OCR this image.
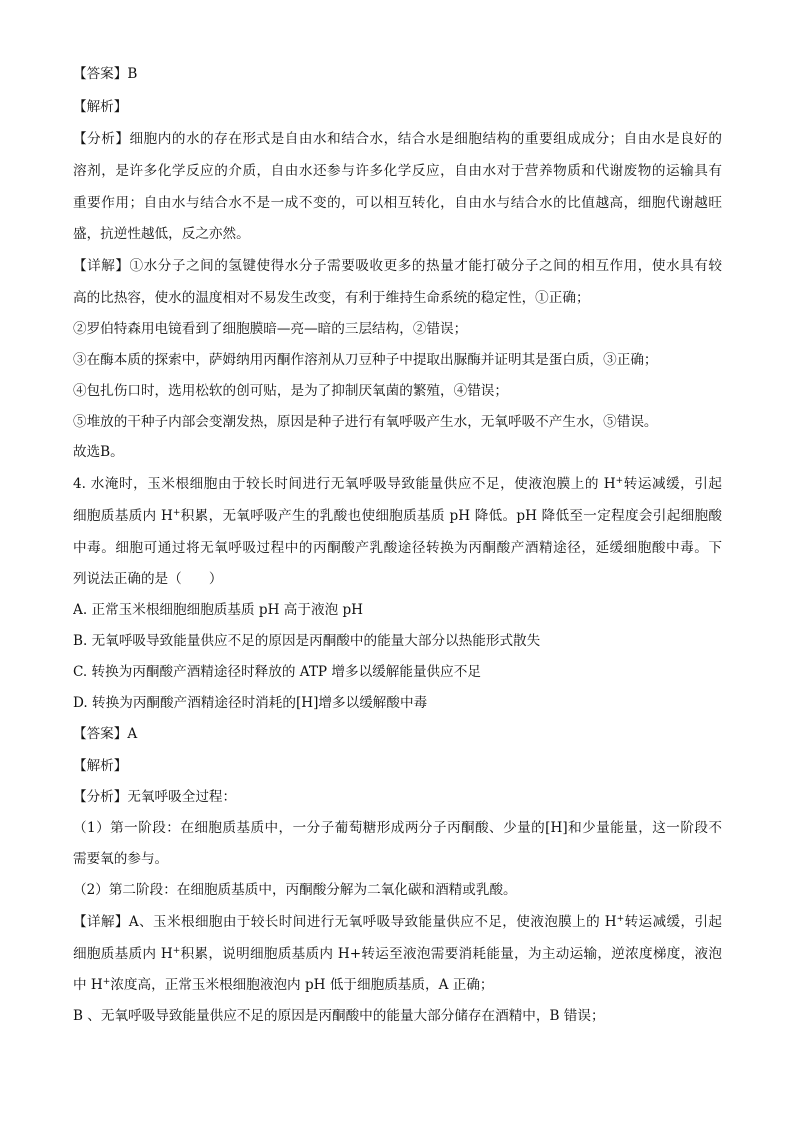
【答案】B
【解析】
【分析】细胞内的水的存在形式是自由水和结合水，结合水是细胞结构的重要组成成分；自由水是良好的
溶剂，是许多化学反应的介质，自由水还参与许多化学反应，自由水对于营养物质和代谢废物的运输具有
重要作用；自由水与结合水不是一成不变的，可以相互转化，自由水与结合水的比值越高，细胞代谢越旺
盛，抗逆性越低，反之亦然。
【详解】①水分子之间的氢键使得水分子需要吸收更多的热量才能打破分子之间的相互作用，使水具有较
高的比热容，使水的温度相对不易发生改变，有利于维持生命系统的稳定性，①正确；
②罗伯特森用电镜看到了细胞膜暗—亮—暗的三层结构，②错误；
③在酶本质的探索中，萨姆纳用丙酮作溶剂从刀豆种子中提取出脲酶并证明其是蛋白质，③正确；
④包扎伤口时，选用松软的创可贴，是为了抑制厌氧菌的繁殖，④错误；
⑤堆放的干种子内部会变潮发热，原因是种子进行有氧呼吸产生水，无氧呼吸不产生水，⑤错误。
故选B。
4. 水淹时，玉米根细胞由于较长时间进行无氧呼吸导致能量供应不足，使液泡膜上的 H+转运减缓，引起
细胞质基质内 H+积累，无氧呼吸产生的乳酸也使细胞质基质 pH 降低。pH 降低至一定程度会引起细胞酸
中毒。细胞可通过将无氧呼吸过程中的丙酮酸产乳酸途径转换为丙酮酸产酒精途径，延缓细胞酸中毒。下
列说法正确的是（　　）
A. 正常玉米根细胞细胞质基质 pH 高于液泡 pH
B. 无氧呼吸导致能量供应不足的原因是丙酮酸中的能量大部分以热能形式散失
C. 转换为丙酮酸产酒精途径时释放的 ATP 增多以缓解能量供应不足
D. 转换为丙酮酸产酒精途径时消耗的[H]增多以缓解酸中毒
【答案】A
【解析】
【分析】无氧呼吸全过程：
（1）第一阶段：在细胞质基质中，一分子葡萄糖形成两分子丙酮酸、少量的[H]和少量能量，这一阶段不
需要氧的参与。
（2）第二阶段：在细胞质基质中，丙酮酸分解为二氧化碳和酒精或乳酸。
【详解】A、玉米根细胞由于较长时间进行无氧呼吸导致能量供应不足，使液泡膜上的 H+转运减缓，引起
细胞质基质内 H+积累，说明细胞质基质内 H+转运至液泡需要消耗能量，为主动运输，逆浓度梯度，液泡
中 H+浓度高，正常玉米根细胞液泡内 pH 低于细胞质基质，A 正确；
B 、无氧呼吸导致能量供应不足的原因是丙酮酸中的能量大部分储存在酒精中，B 错误；
